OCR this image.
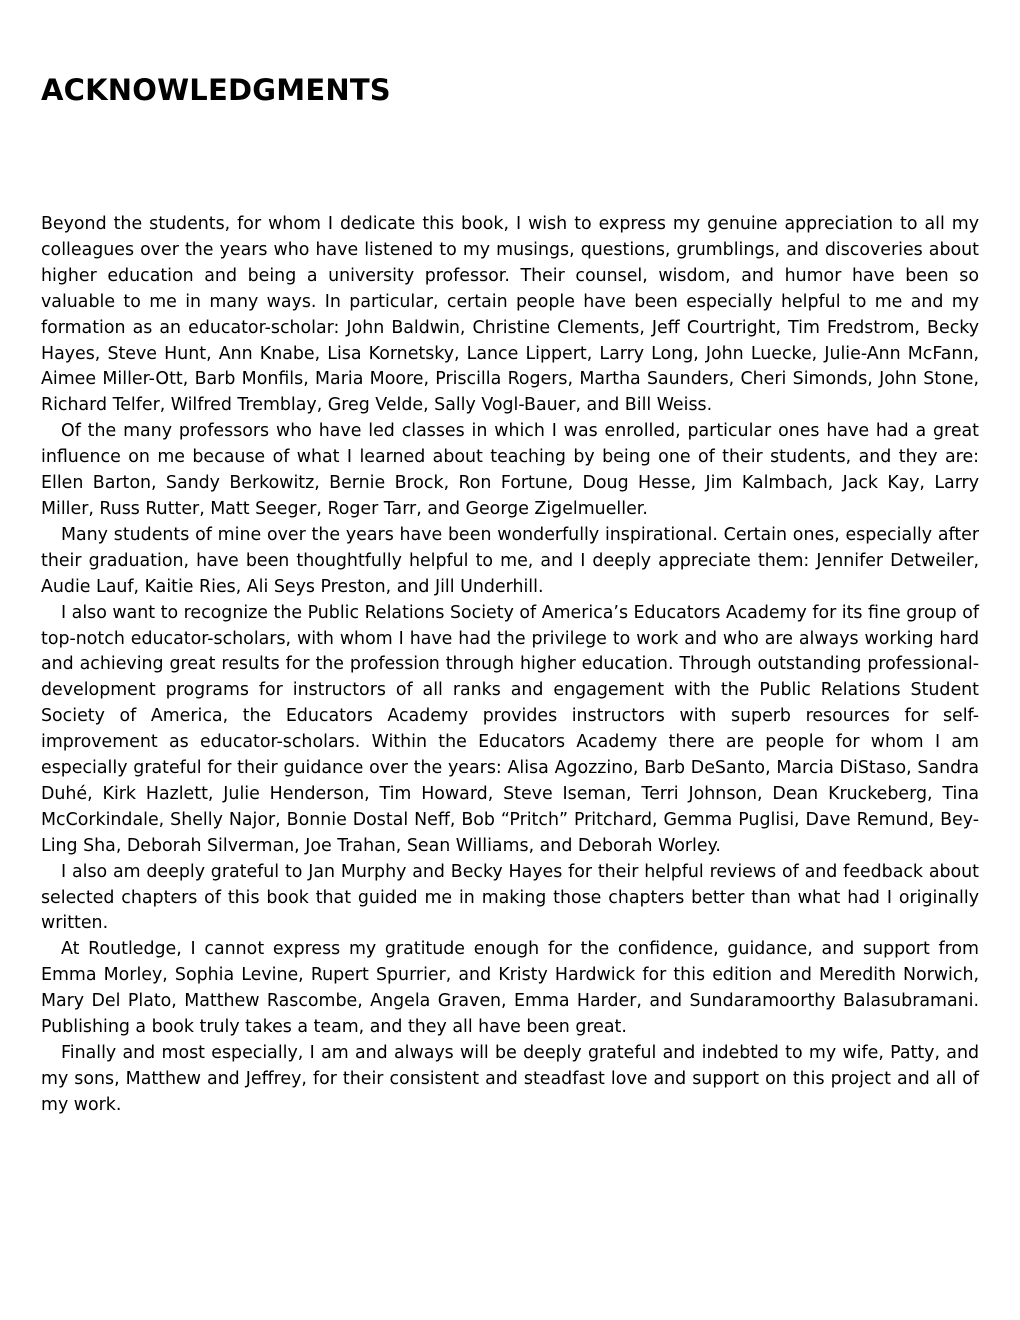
ACKNOWLEDGMENTS

Beyond the students, for whom I dedicate this book, I wish to express my genuine appreciation to all my colleagues over the years who have listened to my musings, questions, grumblings, and discoveries about higher education and being a university professor. Their counsel, wisdom, and humor have been so valuable to me in many ways. In particular, certain people have been especially helpful to me and my formation as an educator-scholar: John Baldwin, Christine Clements, Jeff Courtright, Tim Fredstrom, Becky Hayes, Steve Hunt, Ann Knabe, Lisa Kornetsky, Lance Lippert, Larry Long, John Luecke, Julie-Ann McFann, Aimee Miller-Ott, Barb Monfils, Maria Moore, Priscilla Rogers, Martha Saunders, Cheri Simonds, John Stone, Richard Telfer, Wilfred Tremblay, Greg Velde, Sally Vogl-Bauer, and Bill Weiss.

Of the many professors who have led classes in which I was enrolled, particular ones have had a great influence on me because of what I learned about teaching by being one of their students, and they are: Ellen Barton, Sandy Berkowitz, Bernie Brock, Ron Fortune, Doug Hesse, Jim Kalmbach, Jack Kay, Larry Miller, Russ Rutter, Matt Seeger, Roger Tarr, and George Zigelmueller.

Many students of mine over the years have been wonderfully inspirational. Certain ones, especially after their graduation, have been thoughtfully helpful to me, and I deeply appreciate them: Jennifer Detweiler, Audie Lauf, Kaitie Ries, Ali Seys Preston, and Jill Underhill.

I also want to recognize the Public Relations Society of America’s Educators Academy for its fine group of top-notch educator-scholars, with whom I have had the privilege to work and who are always working hard and achieving great results for the profession through higher education. Through outstanding professional-development programs for instructors of all ranks and engagement with the Public Relations Student Society of America, the Educators Academy provides instructors with superb resources for self-improvement as educator-scholars. Within the Educators Academy there are people for whom I am especially grateful for their guidance over the years: Alisa Agozzino, Barb DeSanto, Marcia DiStaso, Sandra Duhé, Kirk Hazlett, Julie Henderson, Tim Howard, Steve Iseman, Terri Johnson, Dean Kruckeberg, Tina McCorkindale, Shelly Najor, Bonnie Dostal Neff, Bob “Pritch” Pritchard, Gemma Puglisi, Dave Remund, Bey-Ling Sha, Deborah Silverman, Joe Trahan, Sean Williams, and Deborah Worley.

I also am deeply grateful to Jan Murphy and Becky Hayes for their helpful reviews of and feedback about selected chapters of this book that guided me in making those chapters better than what had I originally written.

At Routledge, I cannot express my gratitude enough for the confidence, guidance, and support from Emma Morley, Sophia Levine, Rupert Spurrier, and Kristy Hardwick for this edition and Meredith Norwich, Mary Del Plato, Matthew Rascombe, Angela Graven, Emma Harder, and Sundaramoorthy Balasubramani. Publishing a book truly takes a team, and they all have been great.

Finally and most especially, I am and always will be deeply grateful and indebted to my wife, Patty, and my sons, Matthew and Jeffrey, for their consistent and steadfast love and support on this project and all of my work.
